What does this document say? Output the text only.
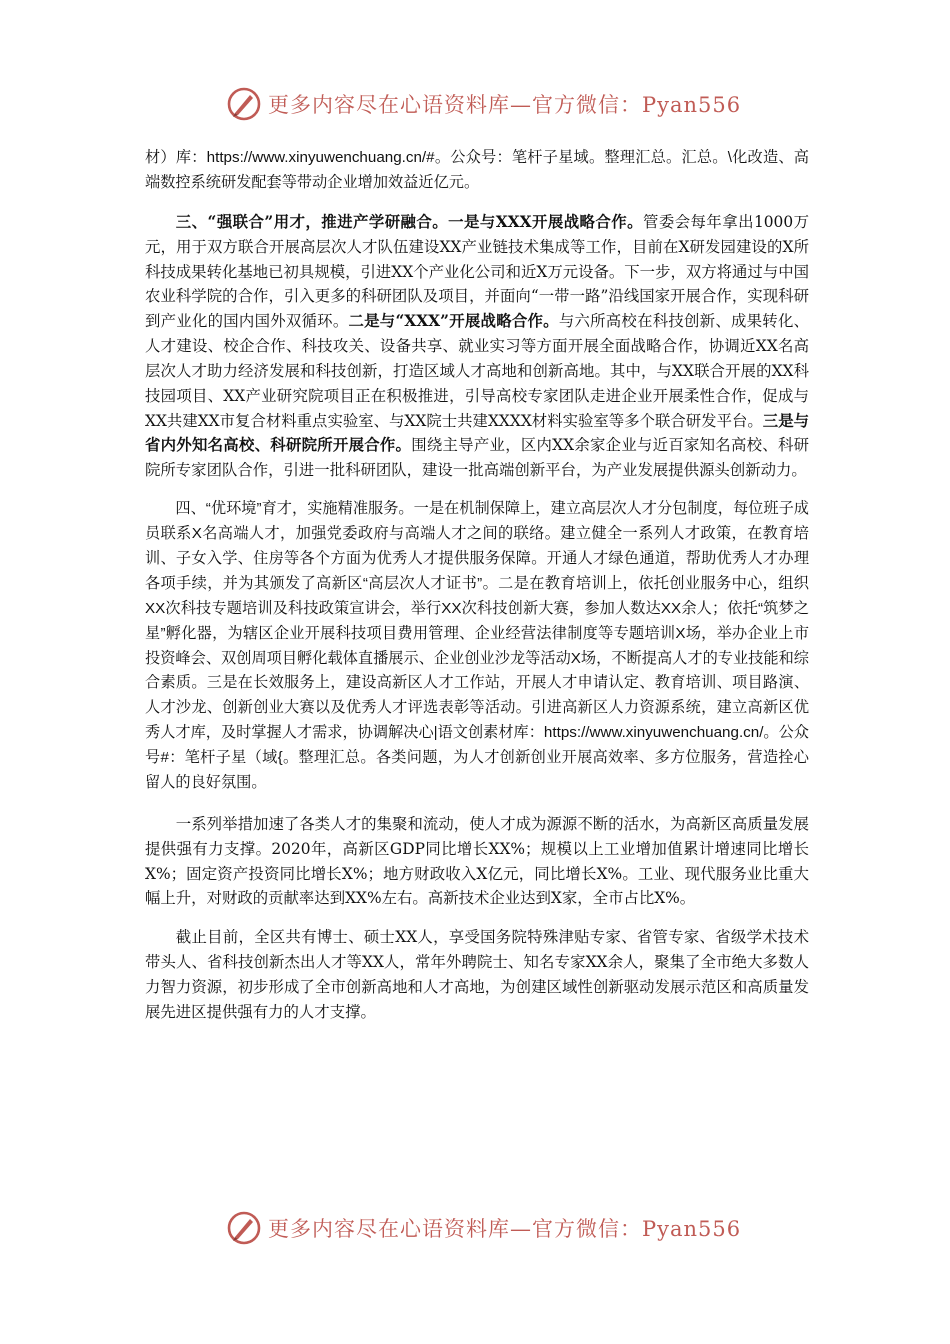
更多内容尽在心语资料库—官方微信：Pyan556

材）库：https://www.xinyuwenchuang.cn/#。公众号：笔杆子星域。整理汇总。汇总。\化改造、高端数控系统研发配套等带动企业增加效益近亿元。

三、“强联合”用才，推进产学研融合。一是与XXX开展战略合作。管委会每年拿出1000万元，用于双方联合开展高层次人才队伍建设XX产业链技术集成等工作，目前在X研发园建设的X所科技成果转化基地已初具规模，引进XX个产业化公司和近X万元设备。下一步，双方将通过与中国农业科学院的合作，引入更多的科研团队及项目，并面向“一带一路”沿线国家开展合作，实现科研到产业化的国内国外双循环。二是与“XXX”开展战略合作。与六所高校在科技创新、成果转化、人才建设、校企合作、科技攻关、设备共享、就业实习等方面开展全面战略合作，协调近XX名高层次人才助力经济发展和科技创新，打造区域人才高地和创新高地。其中，与XX联合开展的XX科技园项目、XX产业研究院项目正在积极推进，引导高校专家团队走进企业开展柔性合作，促成与XX共建XX市复合材料重点实验室、与XX院士共建XXXX材料实验室等多个联合研发平台。三是与省内外知名高校、科研院所开展合作。围绕主导产业，区内XX余家企业与近百家知名高校、科研院所专家团队合作，引进一批科研团队，建设一批高端创新平台，为产业发展提供源头创新动力。

四、“优环境”育才，实施精准服务。一是在机制保障上，建立高层次人才分包制度，每位班子成员联系X名高端人才，加强党委政府与高端人才之间的联络。建立健全一系列人才政策，在教育培训、子女入学、住房等各个方面为优秀人才提供服务保障。开通人才绿色通道，帮助优秀人才办理各项手续，并为其颁发了高新区“高层次人才证书”。二是在教育培训上，依托创业服务中心，组织XX次科技专题培训及科技政策宣讲会，举行XX次科技创新大赛，参加人数达XX余人；依托“筑梦之星”孵化器，为辖区企业开展科技项目费用管理、企业经营法律制度等专题培训X场，举办企业上市投资峰会、双创周项目孵化载体直播展示、企业创业沙龙等活动X场，不断提高人才的专业技能和综合素质。三是在长效服务上，建设高新区人才工作站，开展人才申请认定、教育培训、项目路演、人才沙龙、创新创业大赛以及优秀人才评选表彰等活动。引进高新区人力资源系统，建立高新区优秀人才库，及时掌握人才需求，协调解决心|语文创素材库：https://www.xinyuwenchuang.cn/。公众号#：笔杆子星（域{。整理汇总。各类问题，为人才创新创业开展高效率、多方位服务，营造拴心留人的良好氛围。

一系列举措加速了各类人才的集聚和流动，使人才成为源源不断的活水，为高新区高质量发展提供强有力支撑。2020年，高新区GDP同比增长XX%；规模以上工业增加值累计增速同比增长X%；固定资产投资同比增长X%；地方财政收入X亿元，同比增长X%。工业、现代服务业比重大幅上升，对财政的贡献率达到XX%左右。高新技术企业达到X家，全市占比X%。

截止目前，全区共有博士、硕士XX人，享受国务院特殊津贴专家、省管专家、省级学术技术带头人、省科技创新杰出人才等XX人，常年外聘院士、知名专家XX余人，聚集了全市绝大多数人力智力资源，初步形成了全市创新高地和人才高地，为创建区域性创新驱动发展示范区和高质量发展先进区提供强有力的人才支撑。

更多内容尽在心语资料库—官方微信：Pyan556
